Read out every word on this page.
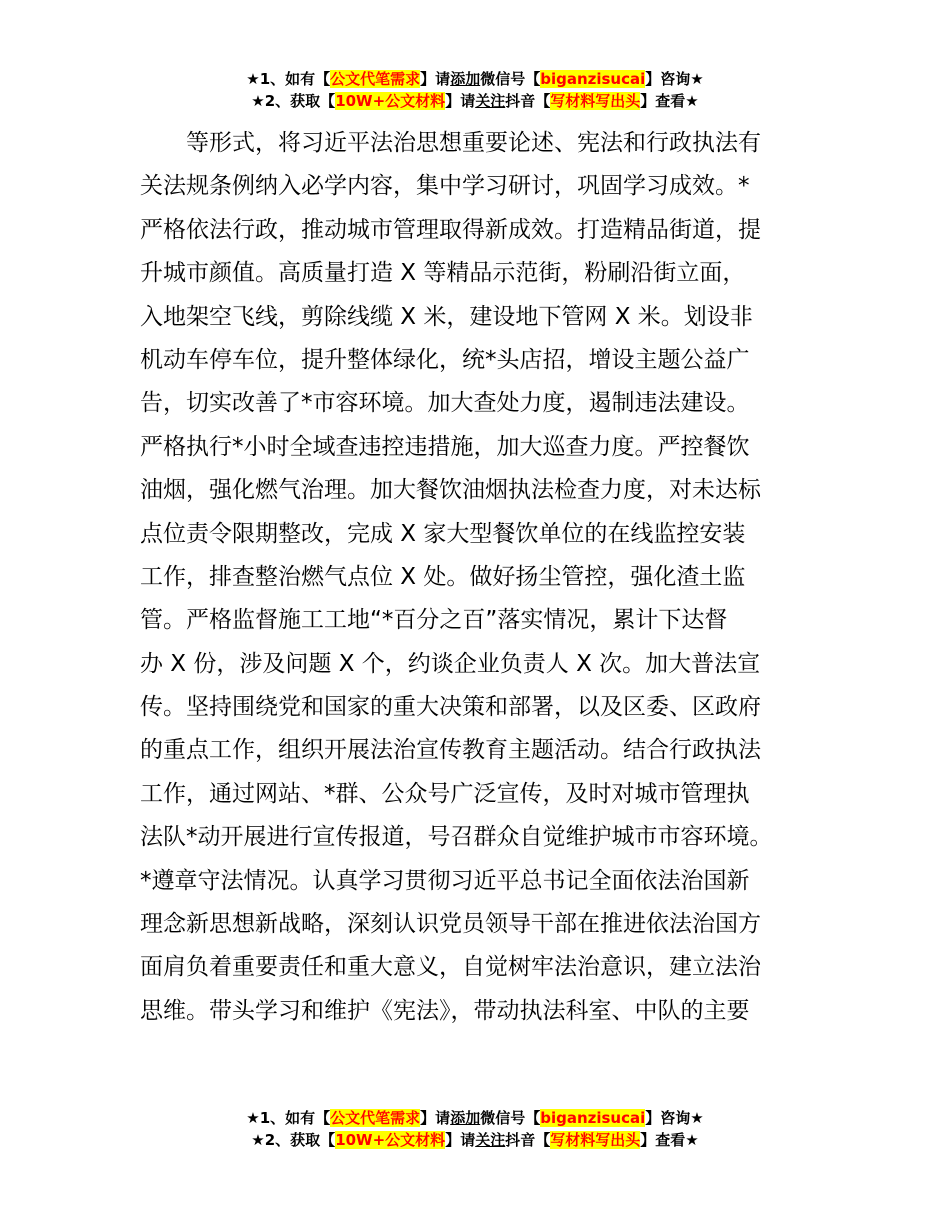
★1、如有【公文代笔需求】请添加微信号【biganzisucai】咨询★
★2、获取【10W+公文材料】请关注抖音【写材料写出头】查看★
　　等形式，将习近平法治思想重要论述、宪法和行政执法有
关法规条例纳入必学内容，集中学习研讨，巩固学习成效。*
严格依法行政，推动城市管理取得新成效。打造精品街道，提
升城市颜值。高质量打造 X 等精品示范街，粉刷沿街立面，
入地架空飞线，剪除线缆 X 米，建设地下管网 X 米。划设非
机动车停车位，提升整体绿化，统*头店招，增设主题公益广
告，切实改善了*市容环境。加大查处力度，遏制违法建设。
严格执行*小时全域查违控违措施，加大巡查力度。严控餐饮
油烟，强化燃气治理。加大餐饮油烟执法检查力度，对未达标
点位责令限期整改，完成 X 家大型餐饮单位的在线监控安装
工作，排查整治燃气点位 X 处。做好扬尘管控，强化渣土监
管。严格监督施工工地“*百分之百”落实情况，累计下达督
办 X 份，涉及问题 X 个，约谈企业负责人 X 次。加大普法宣
传。坚持围绕党和国家的重大决策和部署，以及区委、区政府
的重点工作，组织开展法治宣传教育主题活动。结合行政执法
工作，通过网站、*群、公众号广泛宣传，及时对城市管理执
法队*动开展进行宣传报道，号召群众自觉维护城市市容环境。
*遵章守法情况。认真学习贯彻习近平总书记全面依法治国新
理念新思想新战略，深刻认识党员领导干部在推进依法治国方
面肩负着重要责任和重大意义，自觉树牢法治意识，建立法治
思维。带头学习和维护《宪法》，带动执法科室、中队的主要
★1、如有【公文代笔需求】请添加微信号【biganzisucai】咨询★
★2、获取【10W+公文材料】请关注抖音【写材料写出头】查看★
